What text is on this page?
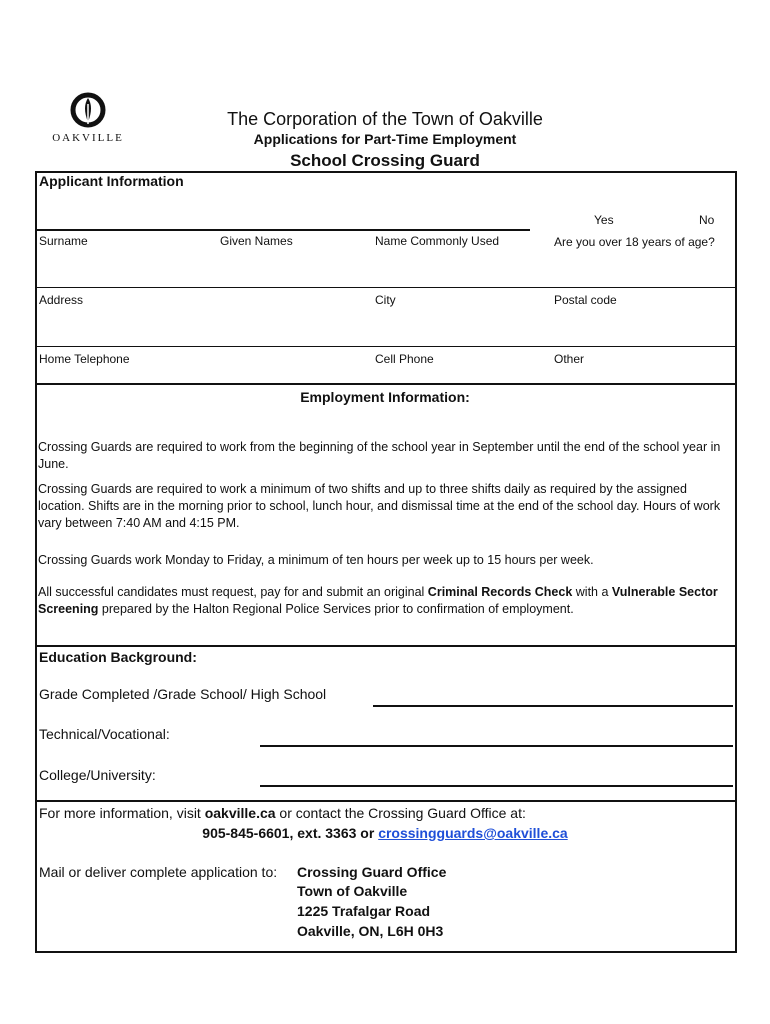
OAKVILLE
The Corporation of the Town of Oakville
Applications for Part-Time Employment
School Crossing Guard
Applicant Information
Yes	No
Surname	Given Names	Name Commonly Used	Are you over 18 years of age?
Address	City	Postal code
Home Telephone	Cell Phone	Other
Employment Information:
Crossing Guards are required to work from the beginning of the school year in September until the end of the school year in June.
Crossing Guards are required to work a minimum of two shifts and up to three shifts daily as required by the assigned location. Shifts are in the morning prior to school, lunch hour, and dismissal time at the end of the school day. Hours of work vary between 7:40 AM and 4:15 PM.
Crossing Guards work Monday to Friday, a minimum of ten hours per week up to 15 hours per week.
All successful candidates must request, pay for and submit an original Criminal Records Check with a Vulnerable Sector Screening prepared by the Halton Regional Police Services prior to confirmation of employment.
Education Background:
Grade Completed /Grade School/ High School
Technical/Vocational:
College/University:
For more information, visit oakville.ca or contact the Crossing Guard Office at:
905-845-6601, ext. 3363 or crossingguards@oakville.ca
Mail or deliver complete application to: Crossing Guard Office
Town of Oakville
1225 Trafalgar Road
Oakville, ON, L6H 0H3
